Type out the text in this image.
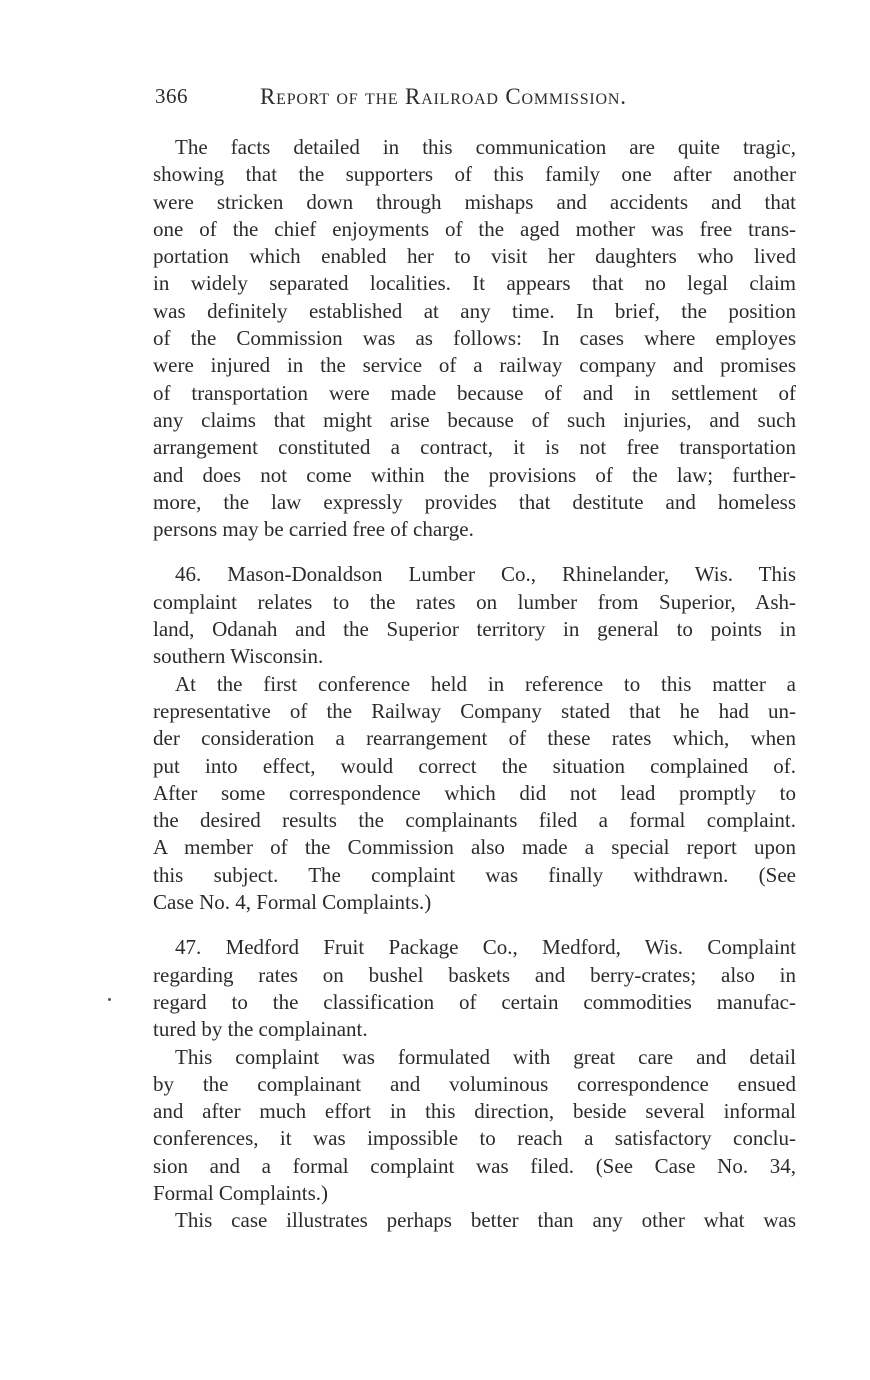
366	Report of the Railroad Commission.
The facts detailed in this communication are quite tragic,
showing that the supporters of this family one after another
were stricken down through mishaps and accidents and that
one of the chief enjoyments of the aged mother was free trans-
portation which enabled her to visit her daughters who lived
in widely separated localities. It appears that no legal claim
was definitely established at any time. In brief, the position
of the Commission was as follows: In cases where employes
were injured in the service of a railway company and promises
of transportation were made because of and in settlement of
any claims that might arise because of such injuries, and such
arrangement constituted a contract, it is not free transportation
and does not come within the provisions of the law; further-
more, the law expressly provides that destitute and homeless
persons may be carried free of charge.
46. Mason-Donaldson Lumber Co., Rhinelander, Wis. This
complaint relates to the rates on lumber from Superior, Ash-
land, Odanah and the Superior territory in general to points in
southern Wisconsin.
At the first conference held in reference to this matter a
representative of the Railway Company stated that he had un-
der consideration a rearrangement of these rates which, when
put into effect, would correct the situation complained of.
After some correspondence which did not lead promptly to
the desired results the complainants filed a formal complaint.
A member of the Commission also made a special report upon
this subject. The complaint was finally withdrawn. (See
Case No. 4, Formal Complaints.)
47. Medford Fruit Package Co., Medford, Wis. Complaint
regarding rates on bushel baskets and berry-crates; also in
regard to the classification of certain commodities manufac-
tured by the complainant.
This complaint was formulated with great care and detail
by the complainant and voluminous correspondence ensued
and after much effort in this direction, beside several informal
conferences, it was impossible to reach a satisfactory conclu-
sion and a formal complaint was filed. (See Case No. 34,
Formal Complaints.)
This case illustrates perhaps better than any other what was
